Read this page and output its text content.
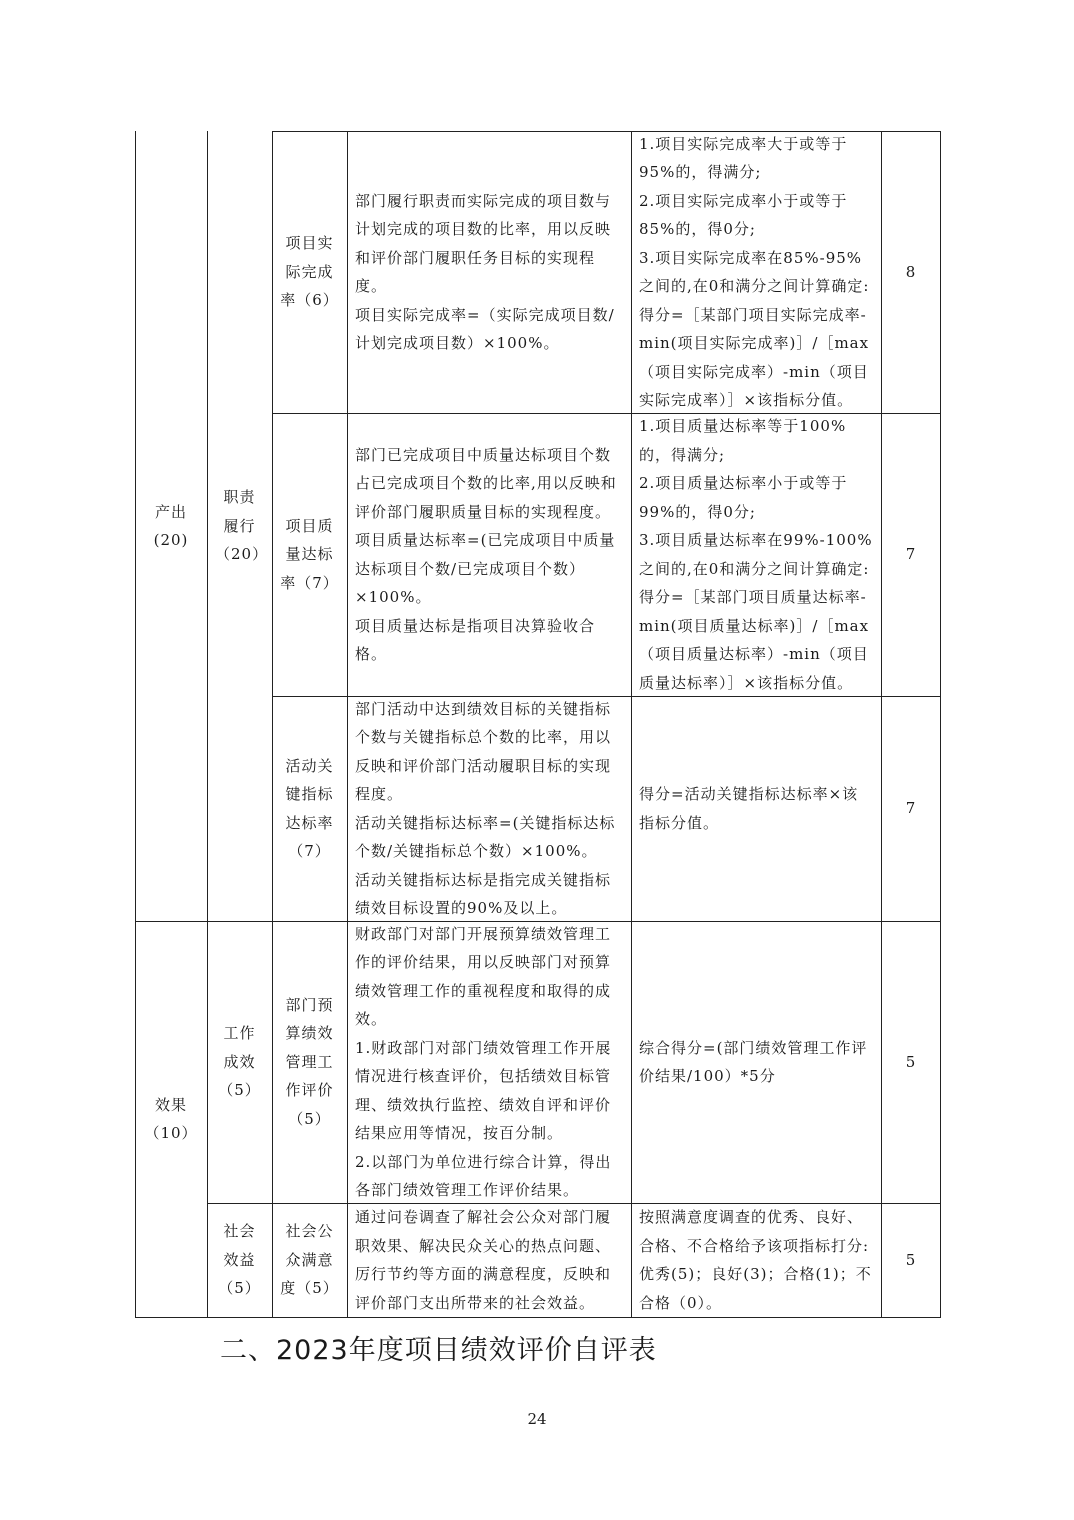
产出
(20)
职责
履行
（20）
项目实
际完成
率（6）
部门履行职责而实际完成的项目数与计划完成的项目数的比率，用以反映和评价部门履职任务目标的实现程度。
项目实际完成率=（实际完成项目数/计划完成项目数）×100%。
1.项目实际完成率大于或等于95%的，得满分;
2.项目实际完成率小于或等于85%的，得0分;
3.项目实际完成率在85%-95%之间的,在0和满分之间计算确定:得分=［某部门项目实际完成率-min(项目实际完成率)］/［max（项目实际完成率）-min（项目实际完成率）］×该指标分值。
8
项目质
量达标
率（7）
部门已完成项目中质量达标项目个数占已完成项目个数的比率,用以反映和评价部门履职质量目标的实现程度。
项目质量达标率=(已完成项目中质量达标项目个数/已完成项目个数）×100%。
项目质量达标是指项目决算验收合格。
1.项目质量达标率等于100%的，得满分;
2.项目质量达标率小于或等于99%的，得0分;
3.项目质量达标率在99%-100%之间的,在0和满分之间计算确定:得分=［某部门项目质量达标率-min(项目质量达标率)］/［max（项目质量达标率）-min（项目质量达标率）］×该指标分值。
7
活动关
键指标
达标率
（7）
部门活动中达到绩效目标的关键指标个数与关键指标总个数的比率，用以反映和评价部门活动履职目标的实现程度。
活动关键指标达标率=(关键指标达标个数/关键指标总个数）×100%。
活动关键指标达标是指完成关键指标绩效目标设置的90%及以上。
得分=活动关键指标达标率×该指标分值。
7
效果
（10）
工作
成效
（5）
部门预
算绩效
管理工
作评价
（5）
财政部门对部门开展预算绩效管理工作的评价结果，用以反映部门对预算绩效管理工作的重视程度和取得的成效。
1.财政部门对部门绩效管理工作开展情况进行核查评价，包括绩效目标管理、绩效执行监控、绩效自评和评价结果应用等情况，按百分制。
2.以部门为单位进行综合计算，得出各部门绩效管理工作评价结果。
综合得分=(部门绩效管理工作评价结果/100）*5分
5
社会
效益
（5）
社会公
众满意
度（5）
通过问卷调查了解社会公众对部门履职效果、解决民众关心的热点问题、厉行节约等方面的满意程度，反映和评价部门支出所带来的社会效益。
按照满意度调查的优秀、良好、合格、不合格给予该项指标打分:优秀(5)；良好(3)；合格(1)；不合格（0）。
5
二、2023年度项目绩效评价自评表
24
